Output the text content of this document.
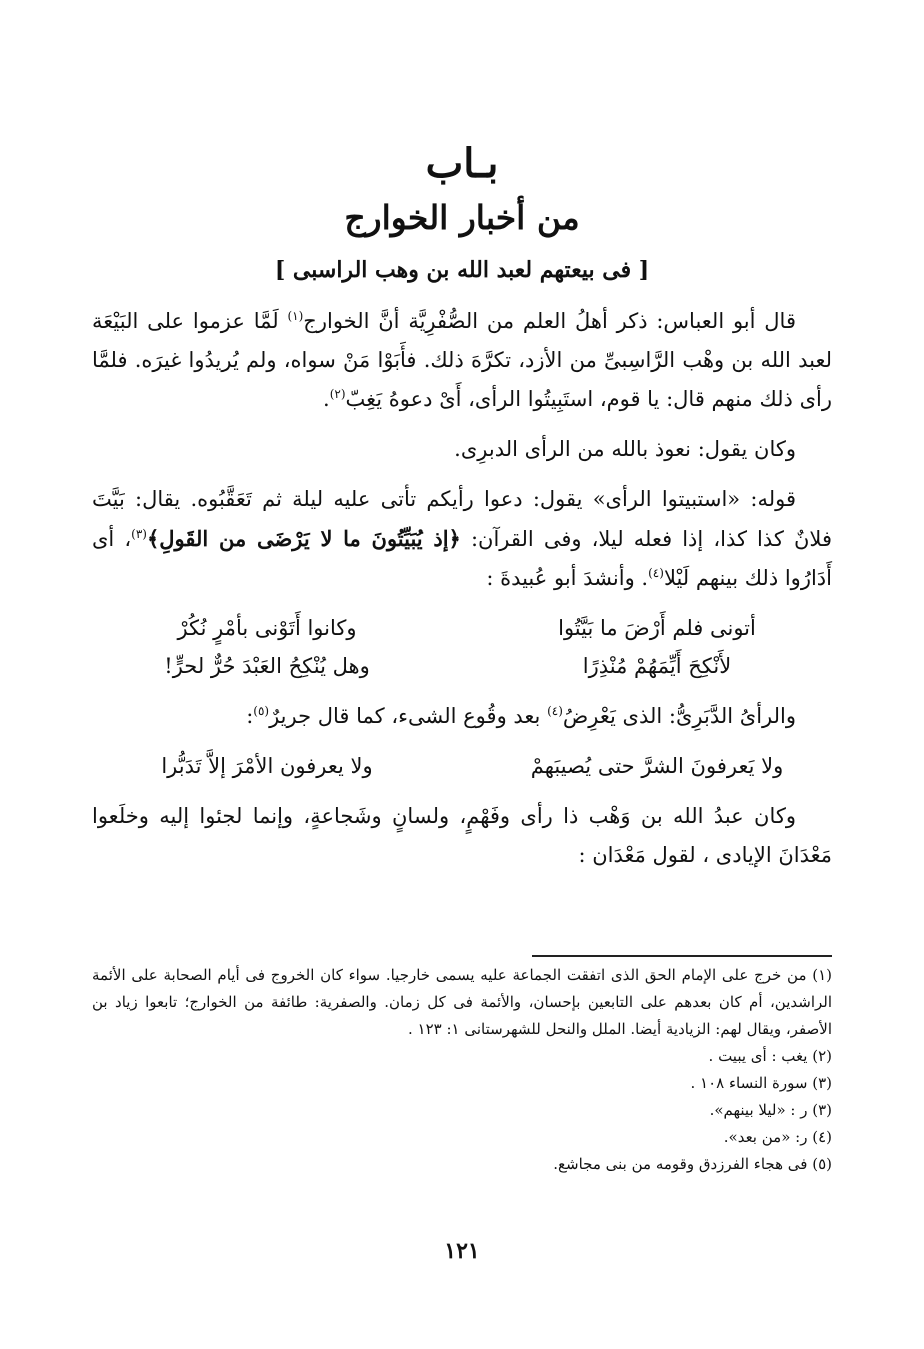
بـاب
من أخبار الخوارج
[ فى بيعتهم لعبد الله بن وهب الراسبى ]

قال أبو العباس: ذكر أهلُ العلم من الصُّفْرِيَّة أنَّ الخوارج$^{(١)}$ لَمَّا عزموا على البَيْعَة لعبد الله بن وهْب الرَّاسِبىِّ من الأزد، تكرَّهَ ذلك. فأَبَوْا مَنْ سواه، ولم يُريدُوا غيرَه. فلمَّا رأى ذلك منهم قال: يا قوم، استَبِيتُوا الرأى، أَىْ دعوهُ يَغِبّ$^{(٢)}$.

وكان يقول: نعوذ بالله من الرأى الدبرِى.

قوله: «استبيتوا الرأى» يقول: دعوا رأيكم تأتى عليه ليلة ثم تَعَقَّبُوه. يقال: بَيَّتَ فلانٌ كذا كذا، إذا فعله ليلا، وفى القرآن: ﴿إذ يُبَيِّتُونَ ما لا يَرْضَى من القَولِ﴾$^{(٣)}$، أى أَدَارُوا ذلك بينهم لَيْلا$^{(٤)}$. وأنشدَ أبو عُبيدةَ :

أتونى فلم أَرْضَ ما بَيَّتُوا
وكانوا أَتَوْنى بأمْرٍ نُكُرْ
لأَنْكِحَ أَيِّمَهُمْ مُنْذِرًا
وهل يُنْكِحُ العَبْدَ حُرٌّ لحرٍّ!

والرأىُ الدَّبَرِىُّ: الذى يَعْرِضُ$^{(٤)}$ بعد وقُوع الشىء، كما قال جريرٌ$^{(٥)}$:

ولا يَعرفونَ الشرَّ حتى يُصيبَهمْ
ولا يعرفون الأمْرَ إلاَّ تَدَبُّرا

وكان عبدُ الله بن وَهْب ذا رأى وفَهْمٍ، ولسانٍ وشَجاعةٍ، وإنما لجئوا إليه وخلَعوا مَعْدَانَ الإيادى ، لقول مَعْدَان :

(١) من خرج على الإمام الحق الذى اتفقت الجماعة عليه يسمى خارجيا. سواء كان الخروج فى أيام الصحابة على الأئمة الراشدين، أم كان بعدهم على التابعين بإحسان، والأئمة فى كل زمان. والصفرية: طائفة من الخوارج؛ تابعوا زياد بن الأصفر، ويقال لهم: الزيادية أيضا. الملل والنحل للشهرستانى ١: ١٢٣ .

(٢) يغب : أى يبيت .

(٣) سورة النساء ١٠٨ .

(٣) ر : «ليلا بينهم».

(٤) ر: «من بعد».

(٥) فى هجاء الفرزدق وقومه من بنى مجاشع.

١٢١
